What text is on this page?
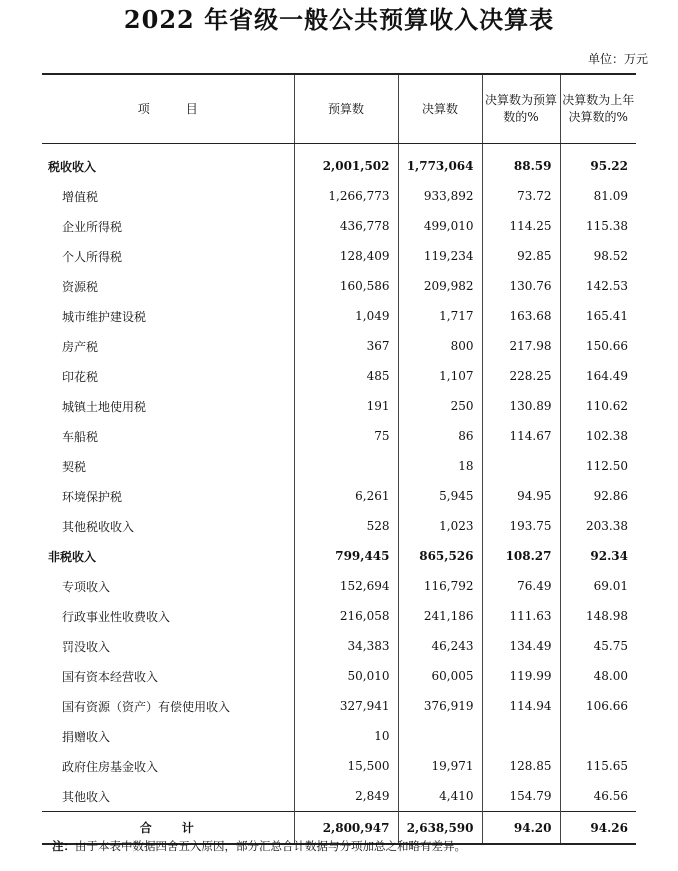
2022 年省级一般公共预算收入决算表
单位：万元
项　　　目	预算数	决算数	决算数为预算数的%	决算数为上年决算数的%
税收收入	2,001,502	1,773,064	88.59	95.22
增值税	1,266,773	933,892	73.72	81.09
企业所得税	436,778	499,010	114.25	115.38
个人所得税	128,409	119,234	92.85	98.52
资源税	160,586	209,982	130.76	142.53
城市维护建设税	1,049	1,717	163.68	165.41
房产税	367	800	217.98	150.66
印花税	485	1,107	228.25	164.49
城镇土地使用税	191	250	130.89	110.62
车船税	75	86	114.67	102.38
契税		18		112.50
环境保护税	6,261	5,945	94.95	92.86
其他税收收入	528	1,023	193.75	203.38
非税收入	799,445	865,526	108.27	92.34
专项收入	152,694	116,792	76.49	69.01
行政事业性收费收入	216,058	241,186	111.63	148.98
罚没收入	34,383	46,243	134.49	45.75
国有资本经营收入	50,010	60,005	119.99	48.00
国有资源（资产）有偿使用收入	327,941	376,919	114.94	106.66
捐赠收入	10			
政府住房基金收入	15,500	19,971	128.85	115.65
其他收入	2,849	4,410	154.79	46.56
合　　计	2,800,947	2,638,590	94.20	94.26
注：由于本表中数据四舍五入原因，部分汇总合计数据与分项加总之和略有差异。
